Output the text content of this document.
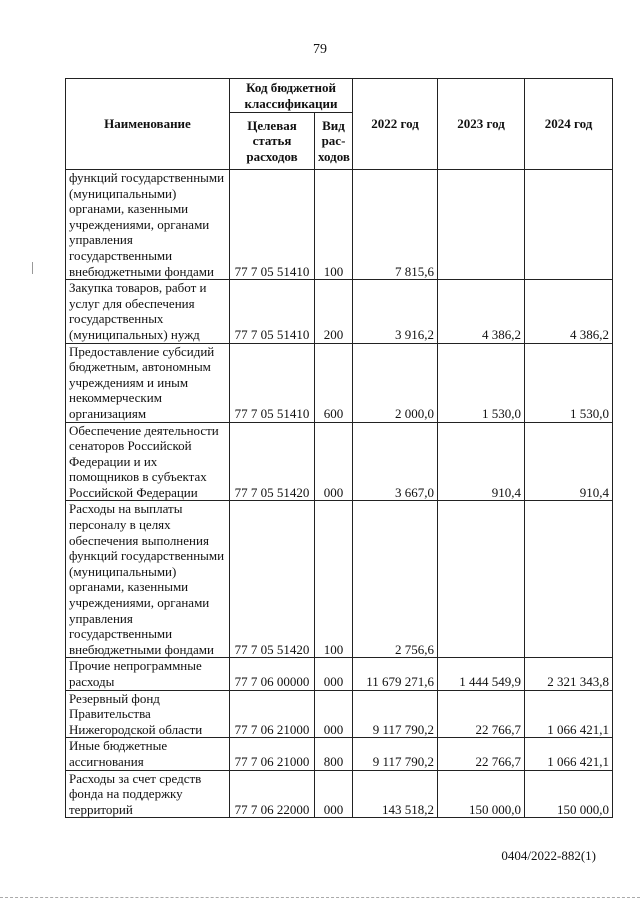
79
Наименование	Код бюджетной классификации		2022 год	2023 год	2024 год
	Целевая статья расходов	Вид рас-ходов			
функций государственными (муниципальными) органами, казенными учреждениями, органами управления государственными внебюджетными фондами	77 7 05 51410	100	7 815,6		
Закупка товаров, работ и услуг для обеспечения государственных (муниципальных) нужд	77 7 05 51410	200	3 916,2	4 386,2	4 386,2
Предоставление субсидий бюджетным, автономным учреждениям и иным некоммерческим организациям	77 7 05 51410	600	2 000,0	1 530,0	1 530,0
Обеспечение деятельности сенаторов Российской Федерации и их помощников в субъектах Российской Федерации	77 7 05 51420	000	3 667,0	910,4	910,4
Расходы на выплаты персоналу в целях обеспечения выполнения функций государственными (муниципальными) органами, казенными учреждениями, органами управления государственными внебюджетными фондами	77 7 05 51420	100	2 756,6		
Прочие непрограммные расходы	77 7 06 00000	000	11 679 271,6	1 444 549,9	2 321 343,8
Резервный фонд Правительства Нижегородской области	77 7 06 21000	000	9 117 790,2	22 766,7	1 066 421,1
Иные бюджетные ассигнования	77 7 06 21000	800	9 117 790,2	22 766,7	1 066 421,1
Расходы за счет средств фонда на поддержку территорий	77 7 06 22000	000	143 518,2	150 000,0	150 000,0
0404/2022-882(1)
